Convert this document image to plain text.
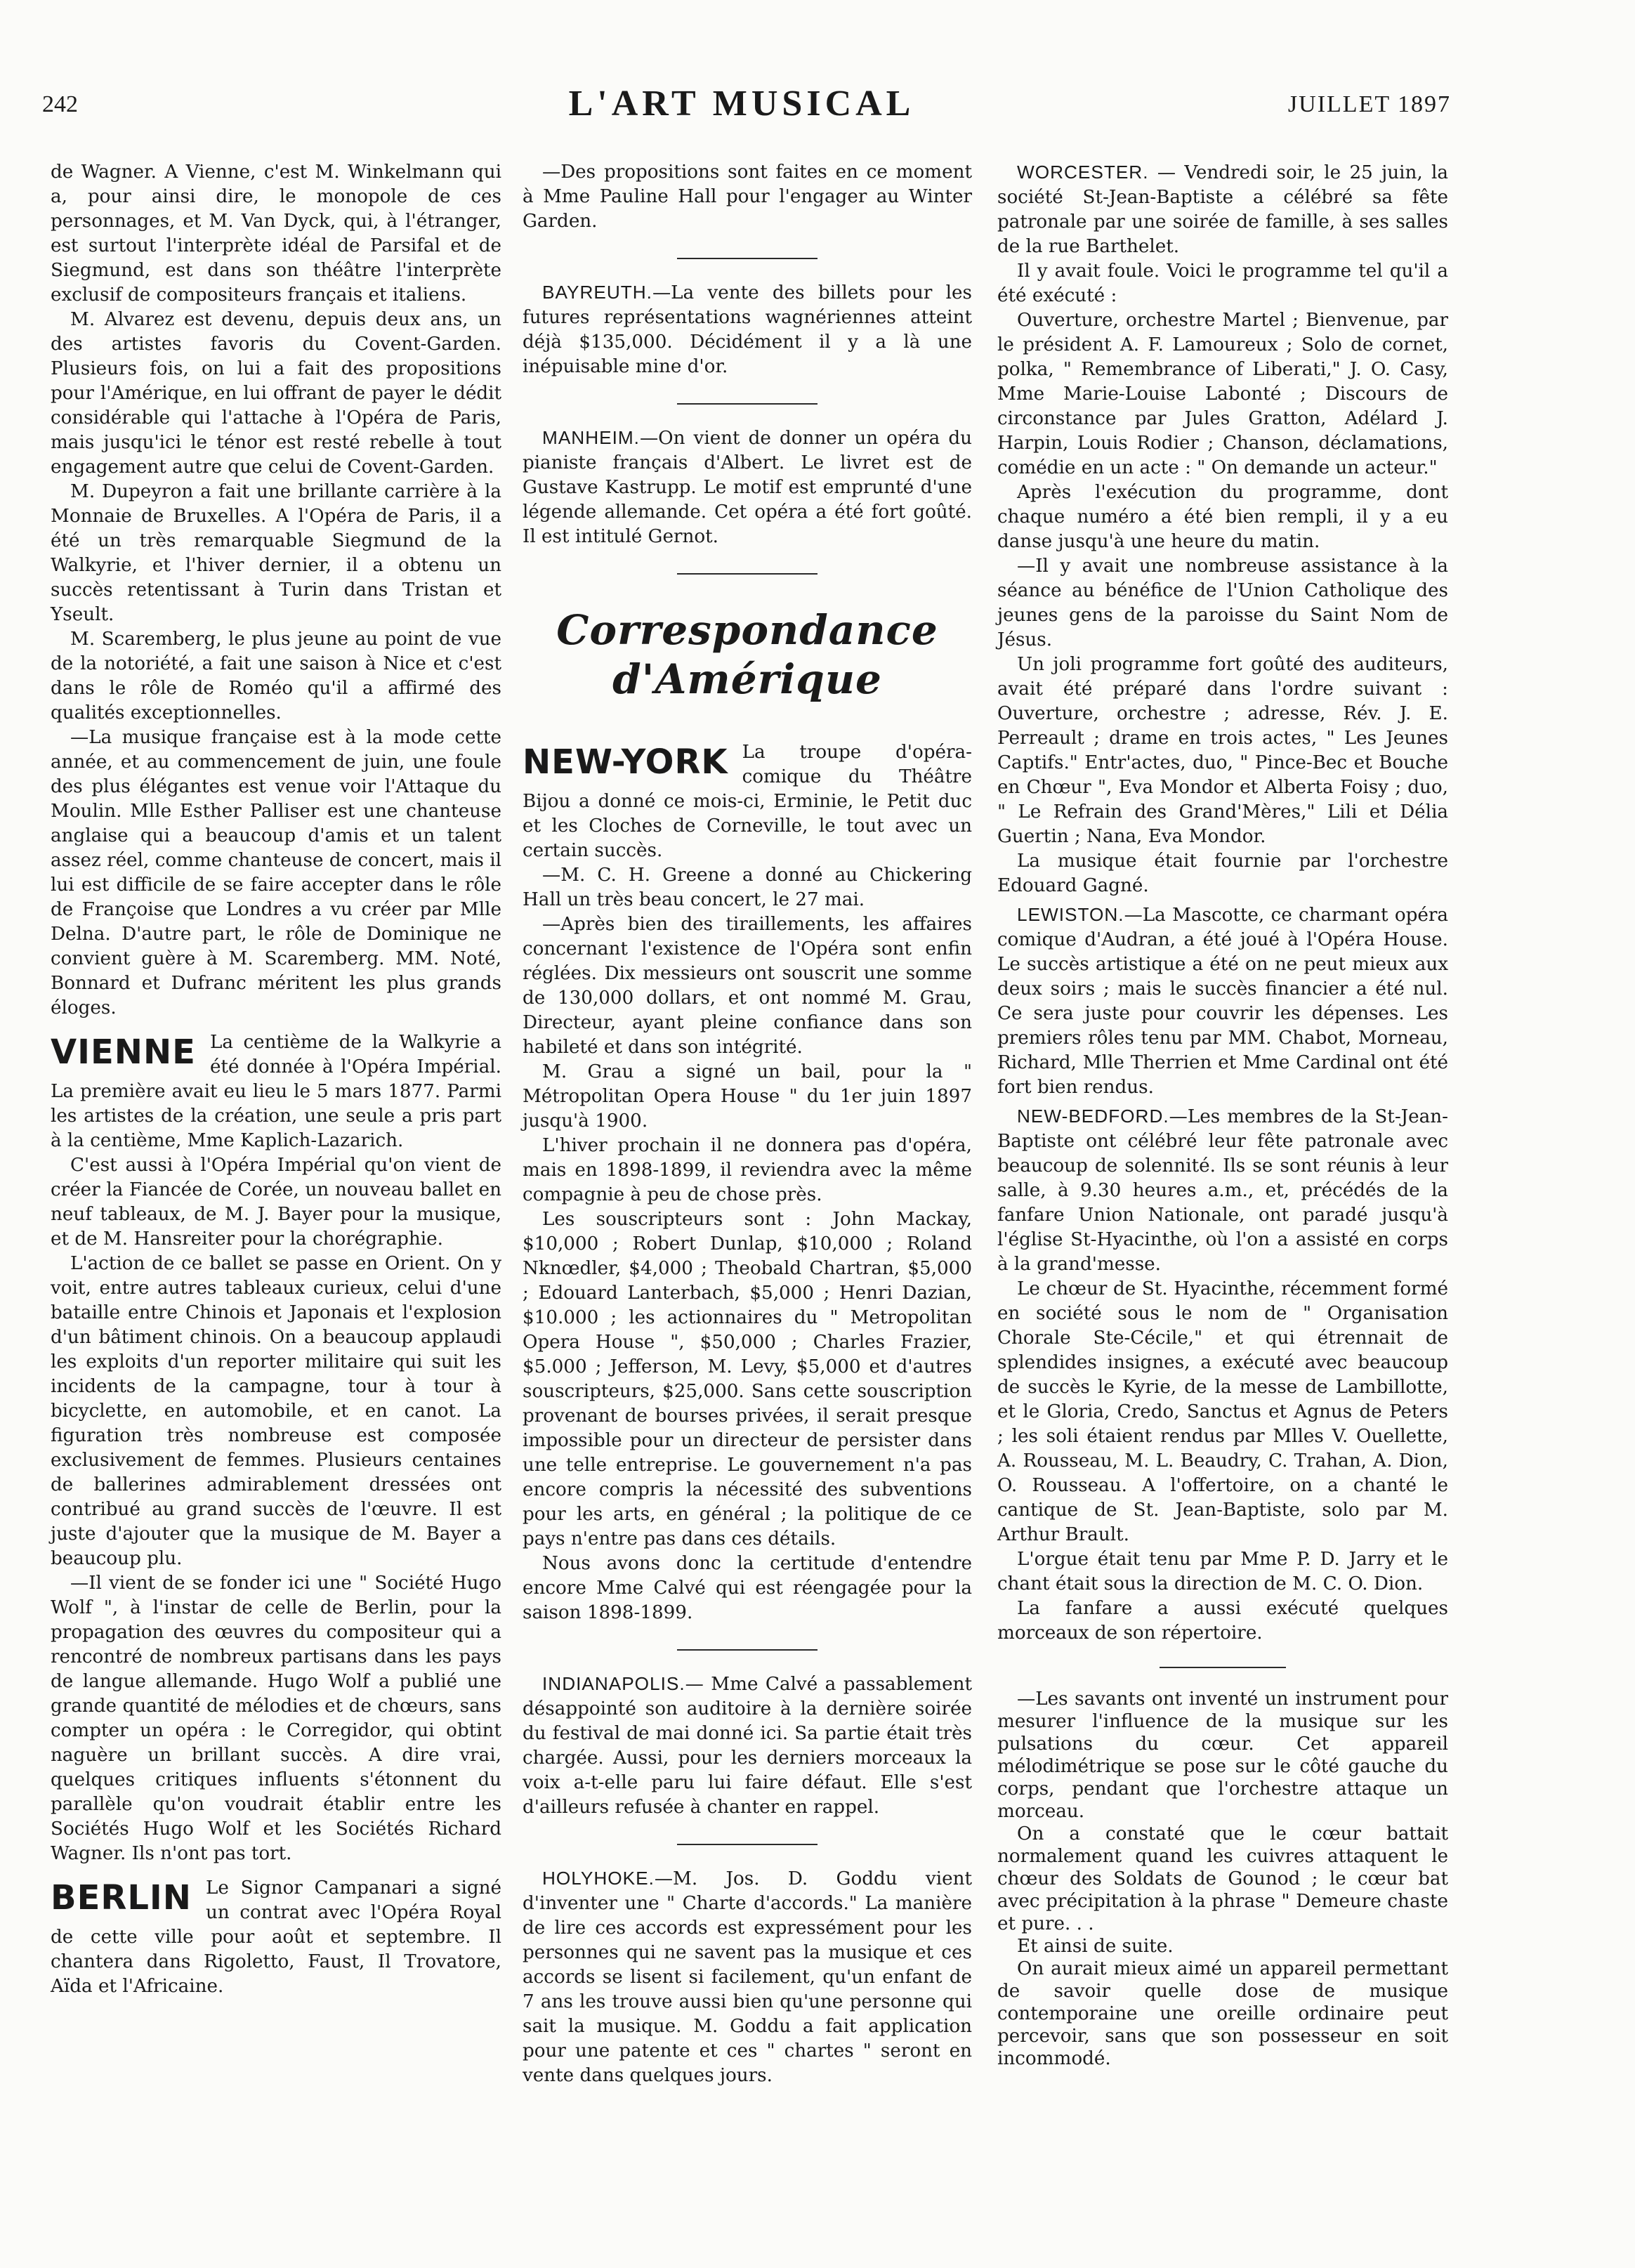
242	L'ART MUSICAL	JUILLET 1897

de Wagner. A Vienne, c'est M. Winkelmann qui a, pour ainsi dire, le monopole de ces personnages, et M. Van Dyck, qui, à l'étranger, est surtout l'interprète idéal de Parsifal et de Siegmund, est dans son théâtre l'interprète exclusif de compositeurs français et italiens.

M. Alvarez est devenu, depuis deux ans, un des artistes favoris du Covent-Garden. Plusieurs fois, on lui a fait des propositions pour l'Amérique, en lui offrant de payer le dédit considérable qui l'attache à l'Opéra de Paris, mais jusqu'ici le ténor est resté rebelle à tout engagement autre que celui de Covent-Garden.

M. Dupeyron a fait une brillante carrière à la Monnaie de Bruxelles. A l'Opéra de Paris, il a été un très remarquable Siegmund de la Walkyrie, et l'hiver dernier, il a obtenu un succès retentissant à Turin dans Tristan et Yseult.

M. Scaremberg, le plus jeune au point de vue de la notoriété, a fait une saison à Nice et c'est dans le rôle de Roméo qu'il a affirmé des qualités exceptionnelles.

—La musique française est à la mode cette année, et au commencement de juin, une foule des plus élégantes est venue voir l'Attaque du Moulin. Mlle Esther Palliser est une chanteuse anglaise qui a beaucoup d'amis et un talent assez réel, comme chanteuse de concert, mais il lui est difficile de se faire accepter dans le rôle de Françoise que Londres a vu créer par Mlle Delna. D'autre part, le rôle de Dominique ne convient guère à M. Scaremberg. MM. Noté, Bonnard et Dufranc méritent les plus grands éloges.

VIENNE La centième de la Walkyrie a été donnée à l'Opéra Impérial. La première avait eu lieu le 5 mars 1877. Parmi les artistes de la création, une seule a pris part à la centième, Mme Kaplich-Lazarich.

C'est aussi à l'Opéra Impérial qu'on vient de créer la Fiancée de Corée, un nouveau ballet en neuf tableaux, de M. J. Bayer pour la musique, et de M. Hansreiter pour la chorégraphie.

L'action de ce ballet se passe en Orient. On y voit, entre autres tableaux curieux, celui d'une bataille entre Chinois et Japonais et l'explosion d'un bâtiment chinois. On a beaucoup applaudi les exploits d'un reporter militaire qui suit les incidents de la campagne, tour à tour à bicyclette, en automobile, et en canot. La figuration très nombreuse est composée exclusivement de femmes. Plusieurs centaines de ballerines admirablement dressées ont contribué au grand succès de l'œuvre. Il est juste d'ajouter que la musique de M. Bayer a beaucoup plu.

—Il vient de se fonder ici une " Société Hugo Wolf ", à l'instar de celle de Berlin, pour la propagation des œuvres du compositeur qui a rencontré de nombreux partisans dans les pays de langue allemande. Hugo Wolf a publié une grande quantité de mélodies et de chœurs, sans compter un opéra : le Corregidor, qui obtint naguère un brillant succès. A dire vrai, quelques critiques influents s'étonnent du parallèle qu'on voudrait établir entre les Sociétés Hugo Wolf et les Sociétés Richard Wagner. Ils n'ont pas tort.

BERLIN Le Signor Campanari a signé un contrat avec l'Opéra Royal de cette ville pour août et septembre. Il chantera dans Rigoletto, Faust, Il Trovatore, Aïda et l'Africaine.

—Des propositions sont faites en ce moment à Mme Pauline Hall pour l'engager au Winter Garden.

BAYREUTH.—La vente des billets pour les futures représentations wagnériennes atteint déjà $135,000. Décidément il y a là une inépuisable mine d'or.

MANHEIM.—On vient de donner un opéra du pianiste français d'Albert. Le livret est de Gustave Kastrupp. Le motif est emprunté d'une légende allemande. Cet opéra a été fort goûté. Il est intitulé Gernot.

Correspondance d'Amérique
NEW-YORK La troupe d'opéra-comique du Théâtre Bijou a donné ce mois-ci, Erminie, le Petit duc et les Cloches de Corneville, le tout avec un certain succès.

—M. C. H. Greene a donné au Chickering Hall un très beau concert, le 27 mai.

—Après bien des tiraillements, les affaires concernant l'existence de l'Opéra sont enfin réglées. Dix messieurs ont souscrit une somme de 130,000 dollars, et ont nommé M. Grau, Directeur, ayant pleine confiance dans son habileté et dans son intégrité.

M. Grau a signé un bail, pour la " Métropolitan Opera House " du 1er juin 1897 jusqu'à 1900.

L'hiver prochain il ne donnera pas d'opéra, mais en 1898-1899, il reviendra avec la même compagnie à peu de chose près.

Les souscripteurs sont : John Mackay, $10,000 ; Robert Dunlap, $10,000 ; Roland Nknœdler, $4,000 ; Theobald Chartran, $5,000 ; Edouard Lanterbach, $5,000 ; Henri Dazian, $10.000 ; les actionnaires du " Metropolitan Opera House ", $50,000 ; Charles Frazier, $5.000 ; Jefferson, M. Levy, $5,000 et d'autres souscripteurs, $25,000. Sans cette souscription provenant de bourses privées, il serait presque impossible pour un directeur de persister dans une telle entreprise. Le gouvernement n'a pas encore compris la nécessité des subventions pour les arts, en général ; la politique de ce pays n'entre pas dans ces détails.

Nous avons donc la certitude d'entendre encore Mme Calvé qui est réengagée pour la saison 1898-1899.

INDIANAPOLIS.— Mme Calvé a passablement désappointé son auditoire à la dernière soirée du festival de mai donné ici. Sa partie était très chargée. Aussi, pour les derniers morceaux la voix a-t-elle paru lui faire défaut. Elle s'est d'ailleurs refusée à chanter en rappel.

HOLYHOKE.—M. Jos. D. Goddu vient d'inventer une " Charte d'accords." La manière de lire ces accords est expressément pour les personnes qui ne savent pas la musique et ces accords se lisent si facilement, qu'un enfant de 7 ans les trouve aussi bien qu'une personne qui sait la musique. M. Goddu a fait application pour une patente et ces " chartes " seront en vente dans quelques jours.

WORCESTER. — Vendredi soir, le 25 juin, la société St-Jean-Baptiste a célébré sa fête patronale par une soirée de famille, à ses salles de la rue Barthelet.

Il y avait foule. Voici le programme tel qu'il a été exécuté :

Ouverture, orchestre Martel ; Bienvenue, par le président A. F. Lamoureux ; Solo de cornet, polka, " Remembrance of Liberati," J. O. Casy, Mme Marie-Louise Labonté ; Discours de circonstance par Jules Gratton, Adélard J. Harpin, Louis Rodier ; Chanson, déclamations, comédie en un acte : " On demande un acteur."

Après l'exécution du programme, dont chaque numéro a été bien rempli, il y a eu danse jusqu'à une heure du matin.

—Il y avait une nombreuse assistance à la séance au bénéfice de l'Union Catholique des jeunes gens de la paroisse du Saint Nom de Jésus.

Un joli programme fort goûté des auditeurs, avait été préparé dans l'ordre suivant : Ouverture, orchestre ; adresse, Rév. J. E. Perreault ; drame en trois actes, " Les Jeunes Captifs." Entr'actes, duo, " Pince-Bec et Bouche en Chœur ", Eva Mondor et Alberta Foisy ; duo, " Le Refrain des Grand'Mères," Lili et Délia Guertin ; Nana, Eva Mondor.

La musique était fournie par l'orchestre Edouard Gagné.

LEWISTON.—La Mascotte, ce charmant opéra comique d'Audran, a été joué à l'Opéra House. Le succès artistique a été on ne peut mieux aux deux soirs ; mais le succès financier a été nul. Ce sera juste pour couvrir les dépenses. Les premiers rôles tenu par MM. Chabot, Morneau, Richard, Mlle Therrien et Mme Cardinal ont été fort bien rendus.

NEW-BEDFORD.—Les membres de la St-Jean-Baptiste ont célébré leur fête patronale avec beaucoup de solennité. Ils se sont réunis à leur salle, à 9.30 heures a.m., et, précédés de la fanfare Union Nationale, ont paradé jusqu'à l'église St-Hyacinthe, où l'on a assisté en corps à la grand'messe.

Le chœur de St. Hyacinthe, récemment formé en société sous le nom de " Organisation Chorale Ste-Cécile," et qui étrennait de splendides insignes, a exécuté avec beaucoup de succès le Kyrie, de la messe de Lambillotte, et le Gloria, Credo, Sanctus et Agnus de Peters ; les soli étaient rendus par Mlles V. Ouellette, A. Rousseau, M. L. Beaudry, C. Trahan, A. Dion, O. Rousseau. A l'offertoire, on a chanté le cantique de St. Jean-Baptiste, solo par M. Arthur Brault.

L'orgue était tenu par Mme P. D. Jarry et le chant était sous la direction de M. C. O. Dion.

La fanfare a aussi exécuté quelques morceaux de son répertoire.

—Les savants ont inventé un instrument pour mesurer l'influence de la musique sur les pulsations du cœur. Cet appareil mélodimétrique se pose sur le côté gauche du corps, pendant que l'orchestre attaque un morceau.

On a constaté que le cœur battait normalement quand les cuivres attaquent le chœur des Soldats de Gounod ; le cœur bat avec précipitation à la phrase " Demeure chaste et pure. . .

Et ainsi de suite.

On aurait mieux aimé un appareil permettant de savoir quelle dose de musique contemporaine une oreille ordinaire peut percevoir, sans que son possesseur en soit incommodé.
